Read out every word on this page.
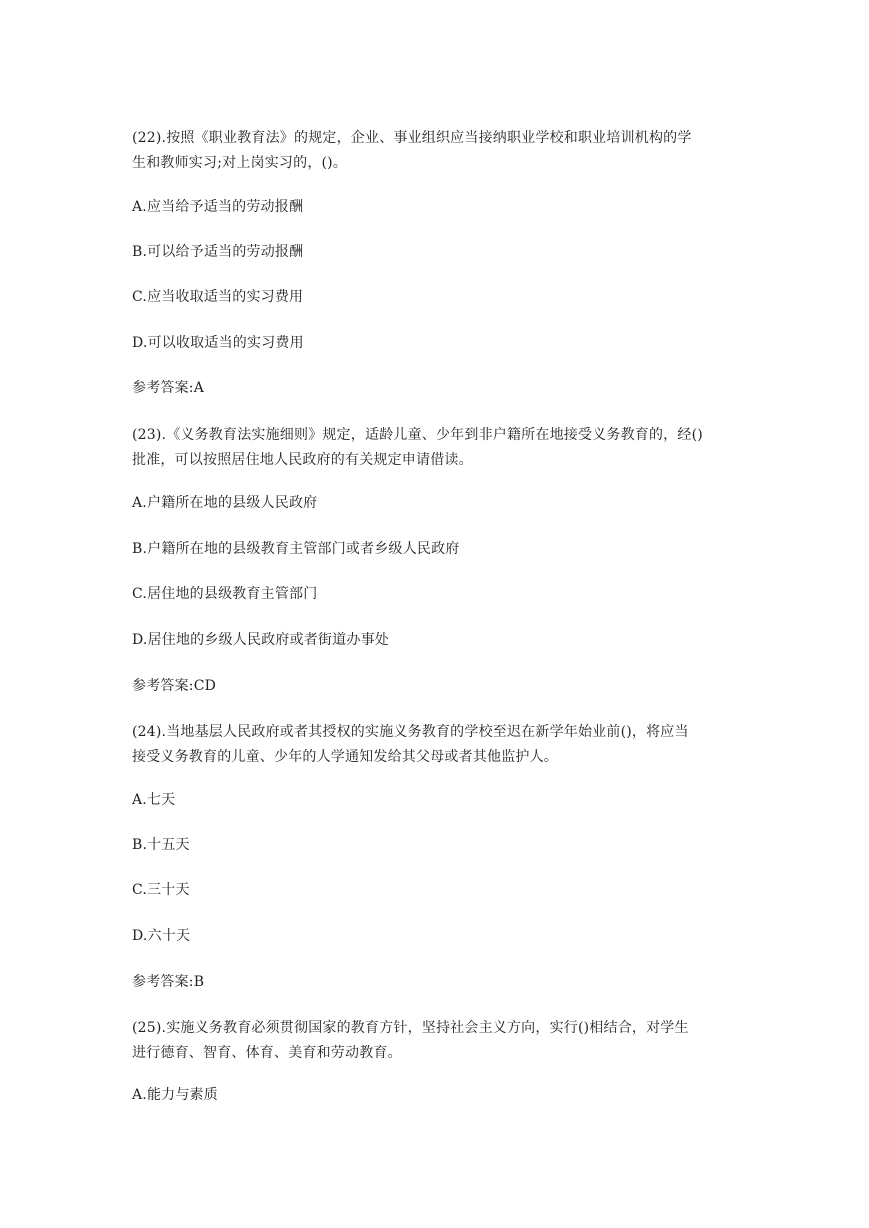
(22).按照《职业教育法》的规定，企业、事业组织应当接纳职业学校和职业培训机构的学
生和教师实习;对上岗实习的，()。
A.应当给予适当的劳动报酬
B.可以给予适当的劳动报酬
C.应当收取适当的实习费用
D.可以收取适当的实习费用
参考答案:A
(23).《义务教育法实施细则》规定，适龄儿童、少年到非户籍所在地接受义务教育的，经()
批准，可以按照居住地人民政府的有关规定申请借读。
A.户籍所在地的县级人民政府
B.户籍所在地的县级教育主管部门或者乡级人民政府
C.居住地的县级教育主管部门
D.居住地的乡级人民政府或者街道办事处
参考答案:CD
(24).当地基层人民政府或者其授权的实施义务教育的学校至迟在新学年始业前()，将应当
接受义务教育的儿童、少年的人学通知发给其父母或者其他监护人。
A.七天
B.十五天
C.三十天
D.六十天
参考答案:B
(25).实施义务教育必须贯彻国家的教育方针，坚持社会主义方向，实行()相结合，对学生
进行德育、智育、体育、美育和劳动教育。
A.能力与素质
